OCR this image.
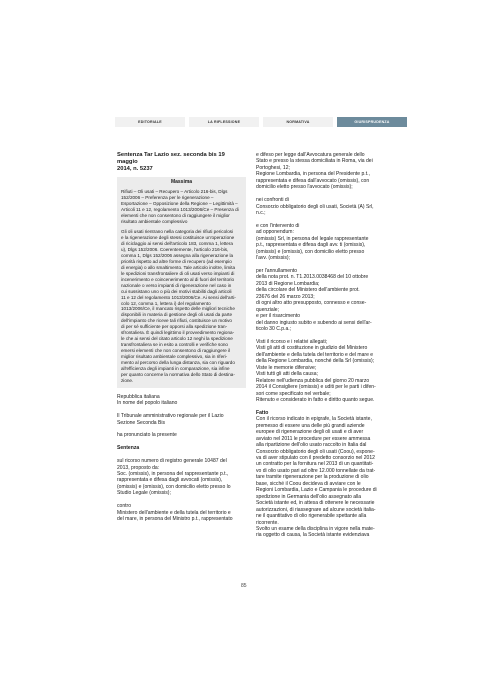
EDITORIALE	LA RIFLESSIONE	NORMATIVA	GIURISPRUDENZA

Sentenza Tar Lazio sez. seconda bis 19 maggio
2014, n. 5237

Massima

Rifiuti – Oli usati – Recupero – Articolo 216-bis, Dlgs

152/2006 – Preferenza per le rigenerazione –

Esportazione – Opposizione della Regione – Legittimità –

Articoli 11 e 12, regolamento 1013/2006/Ce – Presenza di

elementi che non consentono di raggiungere il miglior

risultato ambientale complessivo

Gli oli usati rientrano nella categoria dei rifiuti pericolosi

e la rigenerazione degli stessi costituisce un'operazione

di riciclaggio ai sensi dell'articolo 183, comma 1, lettera

u), Dlgs 152/2006. Coerentemente, l'articolo 216-bis,

comma 1, Dlgs 152/2006 assegna alla rigenerazione la

priorità rispetto ad altre forme di recupero (ad esempio

di energia) o allo smaltimento. Tale articolo inoltre, limita

le spedizioni transfrontaliere di oli usati verso impianti di

incenerimento e coincenerimento al di fuori del territorio

nazionale o verso impianti di rigenerazione nel caso in

cui sussistano uno o più dei motivi stabiliti dagli articoli

11 e 12 del regolamento 1013/2006/Ce. Ai sensi dell'arti-

colo 12, comma 1, lettera i) del regolamento

1013/2006/Ce, il mancato rispetto delle migliori tecniche

disponibili in materia di gestione degli oli usati da parte

dell'impianto che riceve tali rifiuti, costituisce un motivo

di per sé sufficiente per opporsi alla spedizione tran-

sfrontaliera. È quindi legittimo il provvedimento regiona-

le che ai sensi del citato articolo 12 neghi la spedizione

transfrontaliera se in esito a controlli e verifiche sono

emersi elementi che non consentono di raggiungere il

miglior risultato ambientale complessivo, sia in riferi-

mento al percorso della lunga distanza, sia con riguardo

all'efficienza degli impianti in comparazione, sia infine

per quanto concerne la normativa dello Stato di destina-

zione.

Repubblica italiana

In nome del popolo italiano

Il Tribunale amministrativo regionale per il Lazio

Sezione Seconda Bis

ha pronunciato la presente

Sentenza

sul ricorso numero di registro generale 10487 del

2013, proposto da:

Soc. (omissis), in persona del rappresentante p.t.,

rappresentata e difesa dagli avvocati (omissis),

(omissis) e (omissis), con domicilio eletto presso lo

Studio Legale (omissis);

contro

Ministero dell'ambiente e della tutela del territorio e

del mare, in persona del Ministro p.t., rappresentato

e difeso per legge dall'Avvocatura generale dello

Stato e presso la stessa domiciliata in Roma, via dei

Portoghesi, 12;

Regione Lombardia, in persona del Presidente p.t.,

rappresentata e difesa dall'avvocato (omissis), con

domicilio eletto presso l'avvocato (omissis);

nei confronti di

Consorzio obbligatorio degli oli usati, Società (A) Srl,

n.c.;

e con l'intervento di

ad opponendum:

(omissis) Srl, in persona del legale rappresentante

p.t., rappresentata e difesa dagli avv. ti (omissis),

(omissis) e (omissis), con domicilio eletto presso

l'avv. (omissis);

per l'annullamento

della nota prot. n. T1.2013.0038468 del 10 ottobre

2013 di Regione Lombardia;

della circolare del Ministero dell'ambiente prot.

23676 del 26 marzo 2013;

di ogni altro atto presupposto, connesso e conse-

quenziale;

e per il risarcimento

del danno ingiusto subito e subendo ai sensi dell'ar-

ticolo 30 C.p.a.;

Visti il ricorso e i relativi allegati;

Visti gli atti di costituzione in giudizio del Ministero

dell'ambiente e della tutela del territorio e del mare e

della Regione Lombardia, nonché della Srl (omissis);

Viste le memorie difensive;

Visti tutti gli atti della causa;

Relatore nell'udienza pubblica del giorno 20 marzo

2014 il Consigliere (omissis) e uditi per le parti i difen-

sori come specificato nel verbale;

Ritenuto e considerato in fatto e diritto quanto segue.

Fatto

Con il ricorso indicato in epigrafe, la Società istante,

premesso di essere una delle più grandi aziende

europee di rigenerazione degli oli usati e di aver

avviato nel 2011 le procedure per essere ammessa

alla ripartizione dell'olio usato raccolto in Italia dal

Consorzio obbligatorio degli oli usati (Coou), espone-

va di aver stipulato con il predetto consorzio nel 2012

un contratto per la fornitura nel 2013 di un quantitati-

vo di olio usato pari ad oltre 12.000 tonnellate da trat-

tare tramite rigenerazione per la produzione di olio

base, sicché il Coou decideva di avviare con le

Regioni Lombardia, Lazio e Campania le procedure di

spedizione in Germania dell'olio assegnato alla

Società istante ed, in attesa di ottenere le necessarie

autorizzazioni, di riassegnare ad alcune società italia-

ne il quantitativo di olio rigenerabile spettante alla

ricorrente.

Svolto un esame della disciplina in vigore nella mate-

ria oggetto di causa, la Società istante evidenziava

85
